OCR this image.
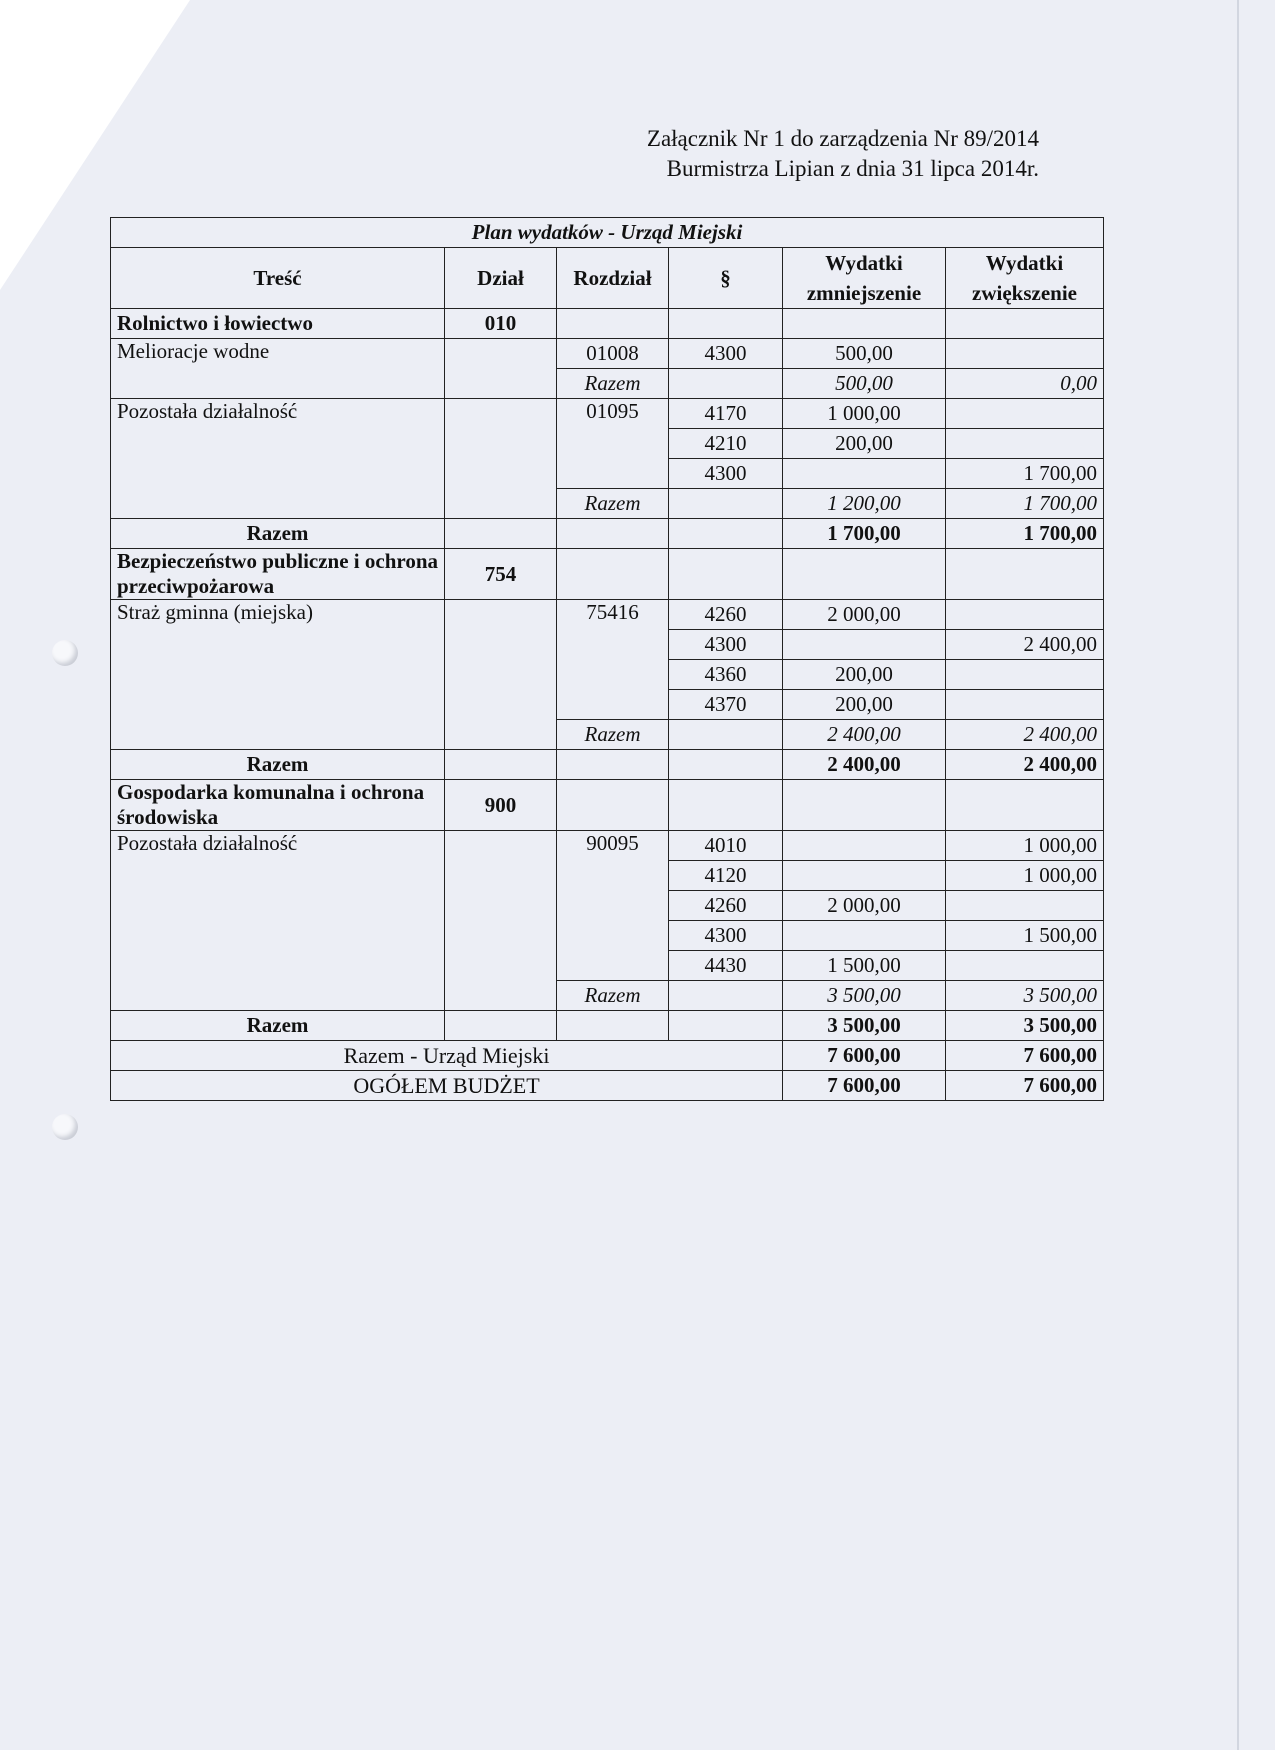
Załącznik Nr 1 do zarządzenia Nr 89/2014
Burmistrza Lipian z dnia 31 lipca 2014r.
Plan wydatków - Urząd Miejski					
Treść	Dział	Rozdział	§	Wydatki zmniejszenie	Wydatki zwiększenie
Rolnictwo i łowiectwo	010				
Melioracje wodne		01008	4300	500,00	
		Razem		500,00	0,00
Pozostała działalność		01095	4170	1 000,00	
			4210	200,00	
			4300		1 700,00
		Razem		1 200,00	1 700,00
Razem				1 700,00	1 700,00
Bezpieczeństwo publiczne i ochrona przeciwpożarowa	754				
Straż gminna (miejska)		75416	4260	2 000,00	
			4300		2 400,00
			4360	200,00	
			4370	200,00	
		Razem		2 400,00	2 400,00
Razem				2 400,00	2 400,00
Gospodarka komunalna i ochrona środowiska	900				
Pozostała działalność		90095	4010		1 000,00
			4120		1 000,00
			4260	2 000,00	
			4300		1 500,00
			4430	1 500,00	
		Razem		3 500,00	3 500,00
Razem				3 500,00	3 500,00
Razem - Urząd Miejski				7 600,00	7 600,00
OGÓŁEM BUDŻET				7 600,00	7 600,00
